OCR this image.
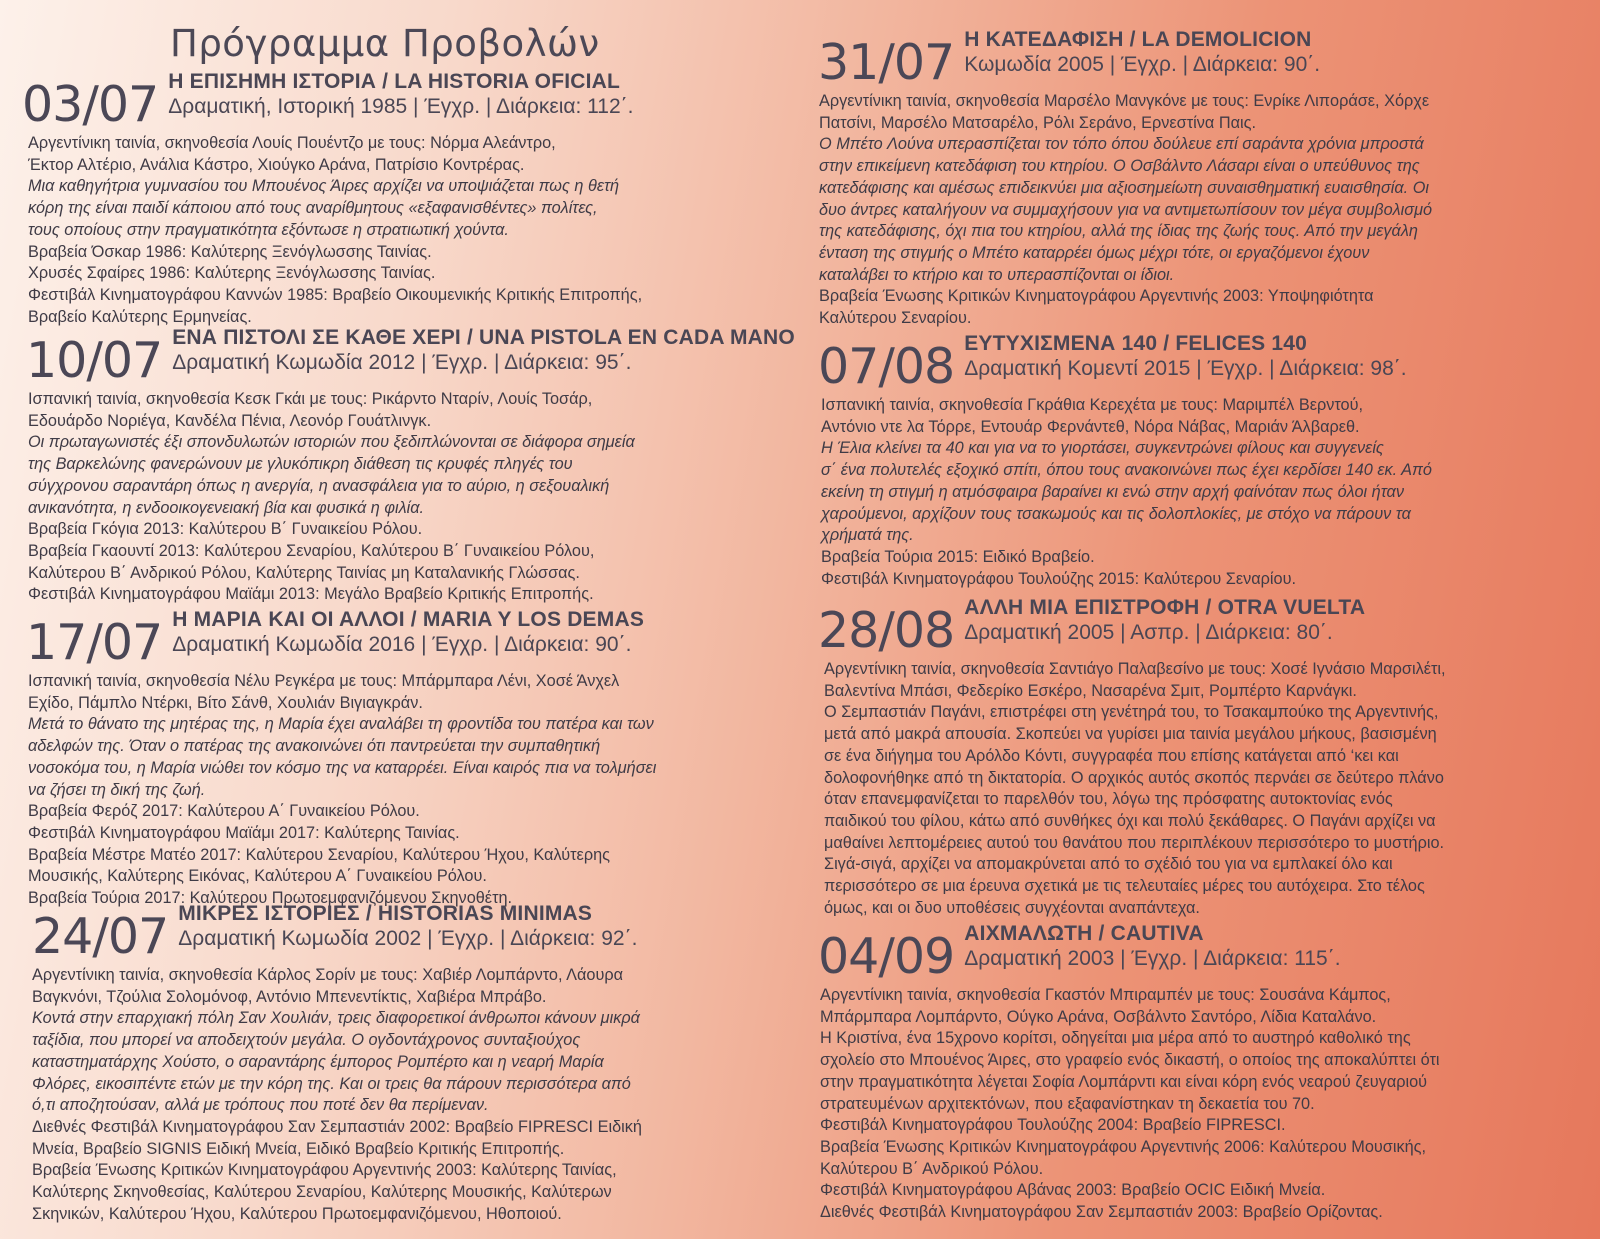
Πρόγραμμα Προβολών
03/07 Η ΕΠΙΣΗΜΗ ΙΣΤΟΡΙΑ / LA HISTORIA OFICIAL
Δραματική, Ιστορική 1985 | Έγχρ. | Διάρκεια: 112΄.
Αργεντίνικη ταινία, σκηνοθεσία Λουίς Πουέντζο με τους: Νόρμα Αλεάντρο,
Έκτορ Αλτέριο, Ανάλια Κάστρο, Χιούγκο Αράνα, Πατρίσιο Κοντρέρας.
Μια καθηγήτρια γυμνασίου του Μπουένος Άιρες αρχίζει να υποψιάζεται πως η θετή
κόρη της είναι παιδί κάποιου από τους αναρίθμητους «εξαφανισθέντες» πολίτες,
τους οποίους στην πραγματικότητα εξόντωσε η στρατιωτική χούντα.
Βραβεία Όσκαρ 1986: Καλύτερης Ξενόγλωσσης Ταινίας.
Χρυσές Σφαίρες 1986: Καλύτερης Ξενόγλωσσης Ταινίας.
Φεστιβάλ Κινηματογράφου Καννών 1985: Βραβείο Οικουμενικής Κριτικής Επιτροπής,
Βραβείο Καλύτερης Ερμηνείας.
10/07 ΕΝΑ ΠΙΣΤΟΛΙ ΣΕ ΚΑΘΕ ΧΕΡΙ / UNA PISTOLA EN CADA MANO
Δραματική Κωμωδία 2012 | Έγχρ. | Διάρκεια: 95΄.
Ισπανική ταινία, σκηνοθεσία Κεσκ Γκάι με τους: Ρικάρντο Νταρίν, Λουίς Τοσάρ,
Εδουάρδο Νοριέγα, Κανδέλα Πένια, Λεονόρ Γουάτλινγκ.
Οι πρωταγωνιστές έξι σπονδυλωτών ιστοριών που ξεδιπλώνονται σε διάφορα σημεία
της Βαρκελώνης φανερώνουν με γλυκόπικρη διάθεση τις κρυφές πληγές του
σύγχρονου σαραντάρη όπως η ανεργία, η ανασφάλεια για το αύριο, η σεξουαλική
ανικανότητα, η ενδοοικογενειακή βία και φυσικά η φιλία.
Βραβεία Γκόγια 2013: Καλύτερου Β΄ Γυναικείου Ρόλου.
Βραβεία Γκαουντί 2013: Καλύτερου Σεναρίου, Καλύτερου Β΄ Γυναικείου Ρόλου,
Καλύτερου Β΄ Ανδρικού Ρόλου, Καλύτερης Ταινίας μη Καταλανικής Γλώσσας.
Φεστιβάλ Κινηματογράφου Μαϊάμι 2013: Μεγάλο Βραβείο Κριτικής Επιτροπής.
17/07 Η ΜΑΡΙΑ ΚΑΙ ΟΙ ΑΛΛΟΙ / MARIA Y LOS DEMAS
Δραματική Κωμωδία 2016 | Έγχρ. | Διάρκεια: 90΄.
Ισπανική ταινία, σκηνοθεσία Νέλυ Ρεγκέρα με τους: Μπάρμπαρα Λένι, Χοσέ Άνχελ
Εχίδο, Πάμπλο Ντέρκι, Βίτο Σάνθ, Χουλιάν Βιγιαγκράν.
Μετά το θάνατο της μητέρας της, η Μαρία έχει αναλάβει τη φροντίδα του πατέρα και των
αδελφών της. Όταν ο πατέρας της ανακοινώνει ότι παντρεύεται την συμπαθητική
νοσοκόμα του, η Μαρία νιώθει τον κόσμο της να καταρρέει. Είναι καιρός πια να τολμήσει
να ζήσει τη δική της ζωή.
Βραβεία Φερόζ 2017: Καλύτερου Α΄ Γυναικείου Ρόλου.
Φεστιβάλ Κινηματογράφου Μαϊάμι 2017: Καλύτερης Ταινίας.
Βραβεία Μέστρε Ματέο 2017: Καλύτερου Σεναρίου, Καλύτερου Ήχου, Καλύτερης
Μουσικής, Καλύτερης Εικόνας, Καλύτερου Α΄ Γυναικείου Ρόλου.
Βραβεία Τούρια 2017: Καλύτερου Πρωτοεμφανιζόμενου Σκηνοθέτη.
24/07 ΜΙΚΡΕΣ ΙΣΤΟΡΙΕΣ / HISTORIAS MINIMAS
Δραματική Κωμωδία 2002 | Έγχρ. | Διάρκεια: 92΄.
Αργεντίνικη ταινία, σκηνοθεσία Κάρλος Σορίν με τους: Χαβιέρ Λομπάρντο, Λάουρα
Βαγκνόνι, Τζούλια Σολομόνοφ, Αντόνιο Μπενεντίκτις, Χαβιέρα Μπράβο.
Κοντά στην επαρχιακή πόλη Σαν Χουλιάν, τρεις διαφορετικοί άνθρωποι κάνουν μικρά
ταξίδια, που μπορεί να αποδειχτούν μεγάλα. Ο ογδοντάχρονος συνταξιούχος
καταστηματάρχης Χούστο, ο σαραντάρης έμπορος Ρομπέρτο και η νεαρή Μαρία
Φλόρες, εικοσιπέντε ετών με την κόρη της. Και οι τρεις θα πάρουν περισσότερα από
ό,τι αποζητούσαν, αλλά με τρόπους που ποτέ δεν θα περίμεναν.
Διεθνές Φεστιβάλ Κινηματογράφου Σαν Σεμπαστιάν 2002: Βραβείο FIPRESCI Ειδική
Μνεία, Βραβείο SIGNIS Ειδική Μνεία, Ειδικό Βραβείο Κριτικής Επιτροπής.
Βραβεία Ένωσης Κριτικών Κινηματογράφου Αργεντινής 2003: Καλύτερης Ταινίας,
Καλύτερης Σκηνοθεσίας, Καλύτερου Σεναρίου, Καλύτερης Μουσικής, Καλύτερων
Σκηνικών, Καλύτερου Ήχου, Καλύτερου Πρωτοεμφανιζόμενου, Ηθοποιού.
31/07 Η ΚΑΤΕΔΑΦΙΣΗ / LA DEMOLICION
Κωμωδία 2005 | Έγχρ. | Διάρκεια: 90΄.
Αργεντίνικη ταινία, σκηνοθεσία Μαρσέλο Μανγκόνε με τους: Ενρίκε Λιπoράσε, Χόρχε
Πατσίνι, Μαρσέλο Ματσαρέλο, Ρόλι Σεράνο, Ερνεστίνα Παις.
Ο Μπέτο Λούνα υπερασπίζεται τον τόπο όπου δούλευε επί σαράντα χρόνια μπροστά
στην επικείμενη κατεδάφιση του κτηρίου. Ο Οσβάλντο Λάσαρι είναι ο υπεύθυνος της
κατεδάφισης και αμέσως επιδεικνύει μια αξιοσημείωτη συναισθηματική ευαισθησία. Οι
δυο άντρες καταλήγουν να συμμαχήσουν για να αντιμετωπίσουν τον μέγα συμβολισμό
της κατεδάφισης, όχι πια του κτηρίου, αλλά της ίδιας της ζωής τους. Από την μεγάλη
ένταση της στιγμής ο Μπέτο καταρρέει όμως μέχρι τότε, οι εργαζόμενοι έχουν
καταλάβει το κτήριο και το υπερασπίζονται οι ίδιοι.
Βραβεία Ένωσης Κριτικών Κινηματογράφου Αργεντινής 2003: Υποψηφιότητα
Καλύτερου Σεναρίου.
07/08 ΕΥΤΥΧΙΣΜΕΝΑ 140 / FELICES 140
Δραματική Κομεντί 2015 | Έγχρ. | Διάρκεια: 98΄.
Ισπανική ταινία, σκηνοθεσία Γκράθια Κερεχέτα με τους: Μαριμπέλ Βερντού,
Αντόνιο ντε λα Τόρρε, Εντουάρ Φερνάντεθ, Νόρα Νάβας, Μαριάν Άλβαρεθ.
Η Έλια κλείνει τα 40 και για να το γιορτάσει, συγκεντρώνει φίλους και συγγενείς
σ΄ ένα πολυτελές εξοχικό σπίτι, όπου τους ανακοινώνει πως έχει κερδίσει 140 εκ. Από
εκείνη τη στιγμή η ατμόσφαιρα βαραίνει κι ενώ στην αρχή φαίνόταν πως όλοι ήταν
χαρούμενοι, αρχίζουν τους τσακωμούς και τις δολοπλοκίες, με στόχο να πάρουν τα
χρήματά της.
Βραβεία Τούρια 2015: Ειδικό Βραβείο.
Φεστιβάλ Κινηματογράφου Τουλούζης 2015: Καλύτερου Σεναρίου.
28/08 ΑΛΛΗ ΜΙΑ ΕΠΙΣΤΡΟΦΗ / OTRA VUELTA
Δραματική 2005 | Ασπρ. | Διάρκεια: 80΄.
Αργεντίνικη ταινία, σκηνοθεσία Σαντιάγο Παλαβεσίνο με τους: Χοσέ Ιγνάσιο Μαρσιλέτι,
Βαλεντίνα Μπάσι, Φεδερίκο Εσκέρο, Νασαρένα Σμιτ, Ρομπέρτο Καρνάγκι.
Ο Σεμπαστιάν Παγάνι, επιστρέφει στη γενέτηρά του, το Τσακαμπούκο της Αργεντινής,
μετά από μακρά απουσία. Σκοπεύει να γυρίσει μια ταινία μεγάλου μήκους, βασισμένη
σε ένα διήγημα του Αρόλδο Κόντι, συγγραφέα που επίσης κατάγεται από ‘κει και
δολοφονήθηκε από τη δικτατορία. Ο αρχικός αυτός σκοπός περνάει σε δεύτερο πλάνο
όταν επανεμφανίζεται το παρελθόν του, λόγω της πρόσφατης αυτοκτονίας ενός
παιδικού του φίλου, κάτω από συνθήκες όχι και πολύ ξεκάθαρες. Ο Παγάνι αρχίζει να
μαθαίνει λεπτομέρειες αυτού του θανάτου που περιπλέκουν περισσότερο το μυστήριο.
Σιγά-σιγά, αρχίζει να απομακρύνεται από το σχέδιό του για να εμπλακεί όλο και
περισσότερο σε μια έρευνα σχετικά με τις τελευταίες μέρες του αυτόχειρα. Στο τέλος
όμως, και οι δυο υποθέσεις συγχέονται αναπάντεχα.
04/09 ΑΙΧΜΑΛΩΤΗ / CAUTIVA
Δραματική 2003 | Έγχρ. | Διάρκεια: 115΄.
Αργεντίνικη ταινία, σκηνοθεσία Γκαστόν Μπιραμπέν με τους: Σουσάνα Κάμπος,
Μπάρμπαρα Λομπάρντο, Ούγκο Αράνα, Οσβάλντο Σαντόρο, Λίδια Καταλάνο.
Η Κριστίνα, ένα 15χρονο κορίτσι, οδηγείται μια μέρα από το αυστηρό καθολικό της
σχολείο στο Μπουένος Άιρες, στο γραφείο ενός δικαστή, ο οποίος της αποκαλύπτει ότι
στην πραγματικότητα λέγεται Σοφία Λομπάρντι και είναι κόρη ενός νεαρού ζευγαριού
στρατευμένων αρχιτεκτόνων, που εξαφανίστηκαν τη δεκαετία του 70.
Φεστιβάλ Κινηματογράφου Τουλούζης 2004: Βραβείο FIPRESCI.
Βραβεία Ένωσης Κριτικών Κινηματογράφου Αργεντινής 2006: Καλύτερου Μουσικής,
Καλύτερου Β΄ Ανδρικού Ρόλου.
Φεστιβάλ Κινηματογράφου Αβάνας 2003: Βραβείο OCIC Ειδική Μνεία.
Διεθνές Φεστιβάλ Κινηματογράφου Σαν Σεμπαστιάν 2003: Βραβείο Ορίζοντας.
